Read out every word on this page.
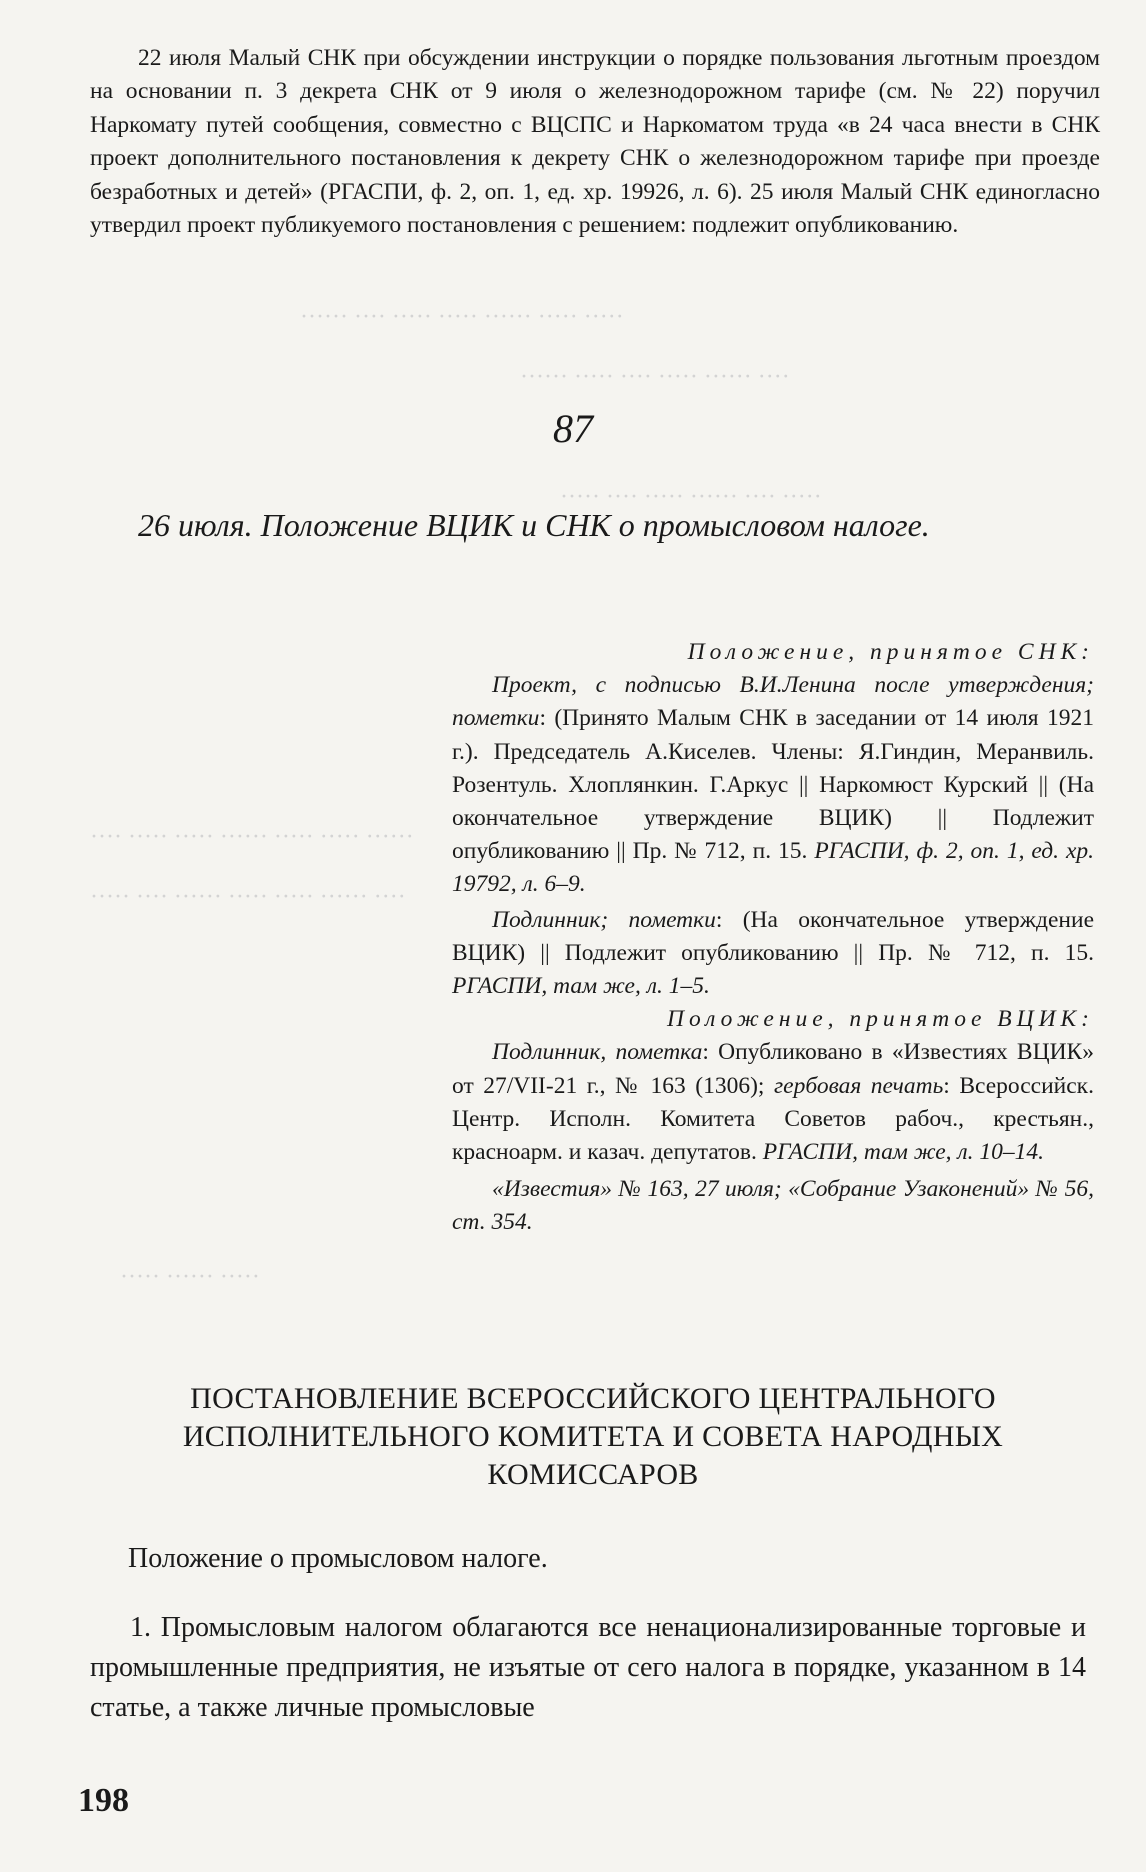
····· ····· ······ ····· ····· ···· ······
···· ······ ····· ···· ····· ······
····· ···· ······ ····· ···· ·····
······ ····· ····· ······ ····· ····· ····
···· ······ ····· ····· ······ ···· ·····
····· ······ ·····
22 июля Малый СНК при обсуждении инструкции о порядке пользования льготным проездом на основании п. 3 декрета СНК от 9 июля о железнодорожном тарифе (см. № 22) поручил Наркомату путей сообщения, совместно с ВЦСПС и Наркоматом труда «в 24 часа внести в СНК проект дополнительного постановления к декрету СНК о железнодорожном тарифе при проезде безработных и детей» (РГАСПИ, ф. 2, оп. 1, ед. хр. 19926, л. 6). 25 июля Малый СНК единогласно утвердил проект публикуемого постановления с решением: подлежит опубликованию.
87
26 июля. Положение ВЦИК и СНК о промысловом налоге.
Положение, принятое СНК:
Проект, с подписью В.И.Ленина после утверждения; пометки: (Принято Малым СНК в заседании от 14 июля 1921 г.). Председатель А.Киселев. Члены: Я.Гиндин, Меранвиль. Розентуль. Хлоплянкин. Г.Аркус || Наркомюст Курский || (На окончательное утверждение ВЦИК) || Подлежит опубликованию || Пр. № 712, п. 15. РГАСПИ, ф. 2, оп. 1, ед. хр. 19792, л. 6–9.
Подлинник; пометки: (На окончательное утверждение ВЦИК) || Подлежит опубликованию || Пр. № 712, п. 15. РГАСПИ, там же, л. 1–5.
Положение, принятое ВЦИК:
Подлинник, пометка: Опубликовано в «Известиях ВЦИК» от 27/VII-21 г., № 163 (1306); гербовая печать: Всероссийск. Центр. Исполн. Комитета Советов рабоч., крестьян., красноарм. и казач. депутатов. РГАСПИ, там же, л. 10–14.
«Известия» № 163, 27 июля; «Собрание Узаконений» № 56, ст. 354.
ПОСТАНОВЛЕНИЕ ВСЕРОССИЙСКОГО ЦЕНТРАЛЬНОГО
ИСПОЛНИТЕЛЬНОГО КОМИТЕТА И СОВЕТА НАРОДНЫХ
КОМИССАРОВ
Положение о промысловом налоге.
1. Промысловым налогом облагаются все ненационализированные торговые и промышленные предприятия, не изъятые от сего налога в порядке, указанном в 14 статье, а также личные промысловые
198
